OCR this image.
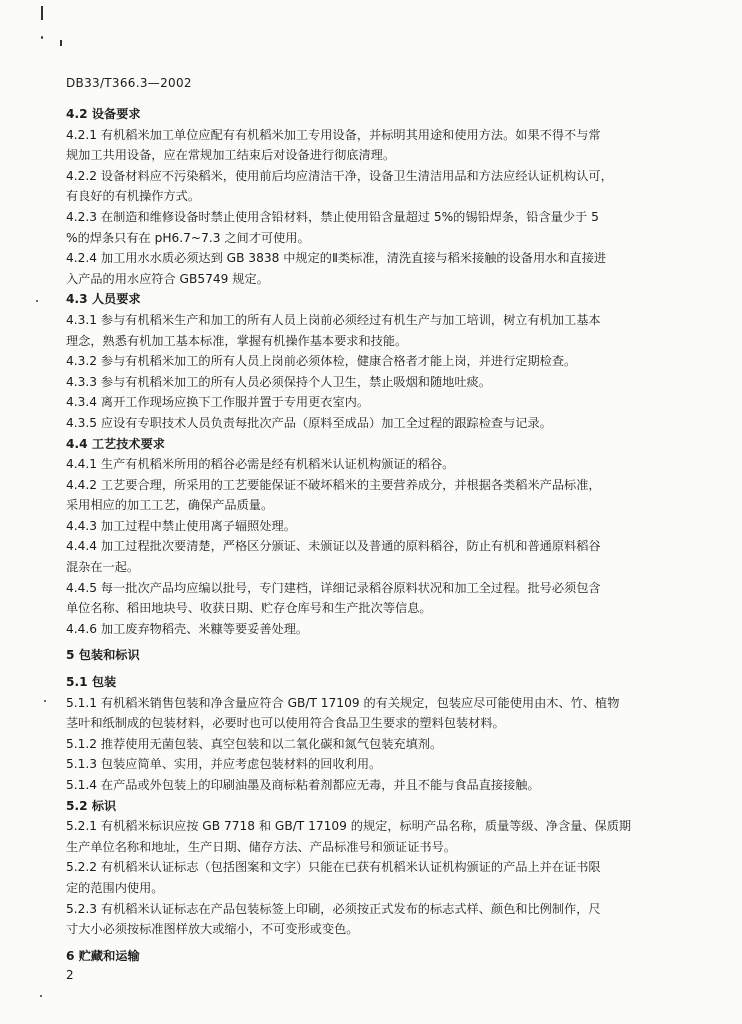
DB33/T366.3—2002
4.2 设备要求
4.2.1 有机稻米加工单位应配有有机稻米加工专用设备，并标明其用途和使用方法。如果不得不与常
规加工共用设备，应在常规加工结束后对设备进行彻底清理。
4.2.2 设备材料应不污染稻米，使用前后均应清洁干净，设备卫生清洁用品和方法应经认证机构认可，
有良好的有机操作方式。
4.2.3 在制造和维修设备时禁止使用含铅材料，禁止使用铅含量超过 5%的锡铅焊条，铅含量少于 5
%的焊条只有在 pH6.7~7.3 之间才可使用。
4.2.4 加工用水水质必须达到 GB 3838 中规定的Ⅱ类标准，清洗直接与稻米接触的设备用水和直接进
入产品的用水应符合 GB5749 规定。
4.3 人员要求
4.3.1 参与有机稻米生产和加工的所有人员上岗前必须经过有机生产与加工培训，树立有机加工基本
理念，熟悉有机加工基本标准，掌握有机操作基本要求和技能。
4.3.2 参与有机稻米加工的所有人员上岗前必须体检，健康合格者才能上岗，并进行定期检查。
4.3.3 参与有机稻米加工的所有人员必须保持个人卫生，禁止吸烟和随地吐痰。
4.3.4 离开工作现场应换下工作服并置于专用更衣室内。
4.3.5 应设有专职技术人员负责每批次产品（原料至成品）加工全过程的跟踪检查与记录。
4.4 工艺技术要求
4.4.1 生产有机稻米所用的稻谷必需是经有机稻米认证机构颁证的稻谷。
4.4.2 工艺要合理，所采用的工艺要能保证不破坏稻米的主要营养成分，并根据各类稻米产品标准，
采用相应的加工工艺，确保产品质量。
4.4.3 加工过程中禁止使用离子辐照处理。
4.4.4 加工过程批次要清楚，严格区分颁证、未颁证以及普通的原料稻谷，防止有机和普通原料稻谷
混杂在一起。
4.4.5 每一批次产品均应编以批号，专门建档，详细记录稻谷原料状况和加工全过程。批号必须包含
单位名称、稻田地块号、收获日期、贮存仓库号和生产批次等信息。
4.4.6 加工废弃物稻壳、米糠等要妥善处理。
5 包装和标识
5.1 包装
5.1.1 有机稻米销售包装和净含量应符合 GB/T 17109 的有关规定，包装应尽可能使用由木、竹、植物
茎叶和纸制成的包装材料，必要时也可以使用符合食品卫生要求的塑料包装材料。
5.1.2 推荐使用无菌包装、真空包装和以二氧化碳和氮气包装充填剂。
5.1.3 包装应简单、实用，并应考虑包装材料的回收利用。
5.1.4 在产品或外包装上的印刷油墨及商标粘着剂都应无毒，并且不能与食品直接接触。
5.2 标识
5.2.1 有机稻米标识应按 GB 7718 和 GB/T 17109 的规定，标明产品名称，质量等级、净含量、保质期
生产单位名称和地址，生产日期、储存方法、产品标准号和颁证证书号。
5.2.2 有机稻米认证标志（包括图案和文字）只能在已获有机稻米认证机构颁证的产品上并在证书限
定的范围内使用。
5.2.3 有机稻米认证标志在产品包装标签上印刷，必须按正式发布的标志式样、颜色和比例制作，尺
寸大小必须按标准图样放大或缩小，不可变形或变色。
6 贮藏和运输
2
